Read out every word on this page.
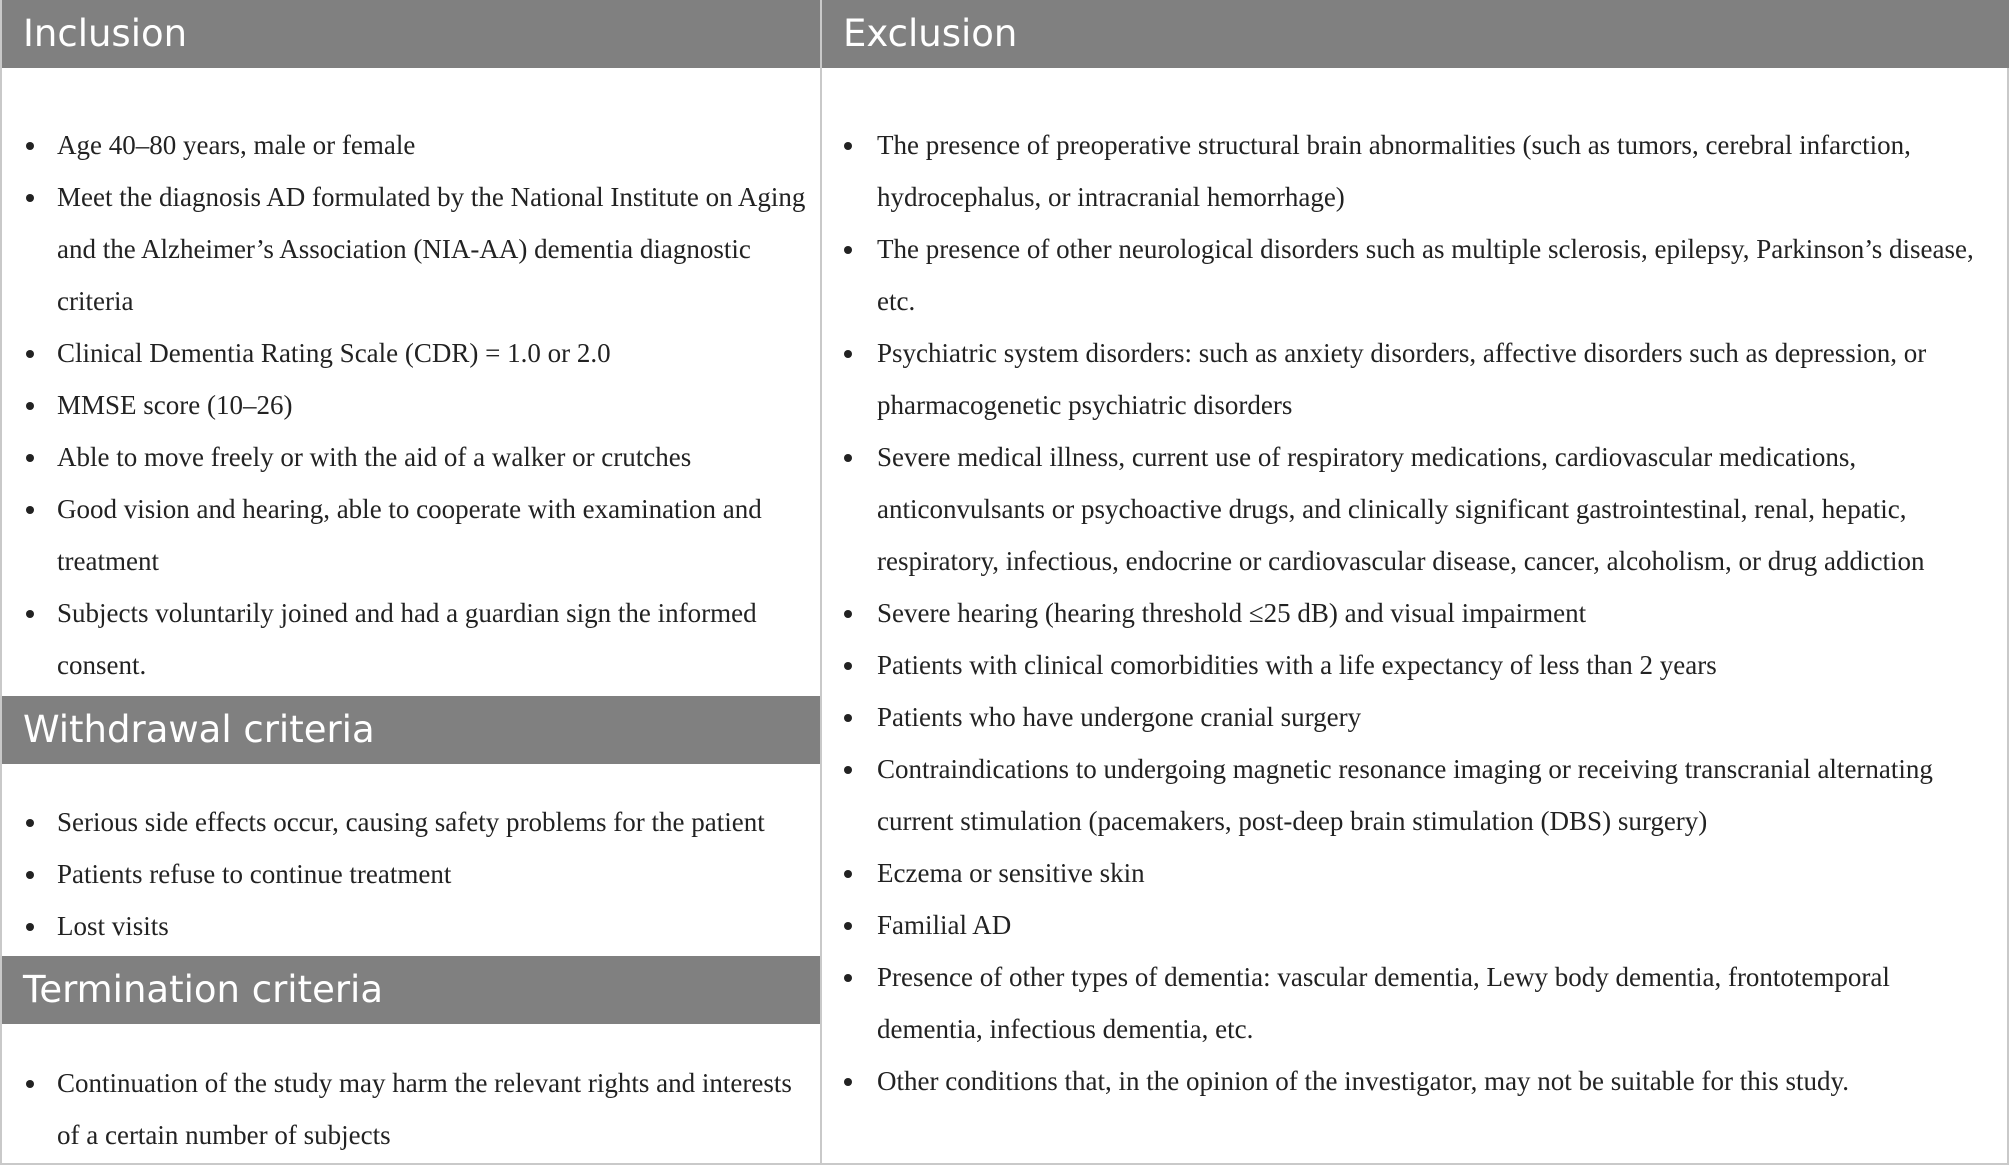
Inclusion
Age 40–80 years, male or female
Meet the diagnosis AD formulated by the National Institute on Aging and the Alzheimer’s Association (NIA-AA) dementia diagnostic criteria
Clinical Dementia Rating Scale (CDR) = 1.0 or 2.0
MMSE score (10–26)
Able to move freely or with the aid of a walker or crutches
Good vision and hearing, able to cooperate with examination and treatment
Subjects voluntarily joined and had a guardian sign the informed consent.
Withdrawal criteria
Serious side effects occur, causing safety problems for the patient
Patients refuse to continue treatment
Lost visits
Termination criteria
Continuation of the study may harm the relevant rights and interests of a certain number of subjects
Exclusion
The presence of preoperative structural brain abnormalities (such as tumors, cerebral infarction, hydrocephalus, or intracranial hemorrhage)
The presence of other neurological disorders such as multiple sclerosis, epilepsy, Parkinson’s disease, etc.
Psychiatric system disorders: such as anxiety disorders, affective disorders such as depression, or pharmacogenetic psychiatric disorders
Severe medical illness, current use of respiratory medications, cardiovascular medications, anticonvulsants or psychoactive drugs, and clinically significant gastrointestinal, renal, hepatic, respiratory, infectious, endocrine or cardiovascular disease, cancer, alcoholism, or drug addiction
Severe hearing (hearing threshold ≤25 dB) and visual impairment
Patients with clinical comorbidities with a life expectancy of less than 2 years
Patients who have undergone cranial surgery
Contraindications to undergoing magnetic resonance imaging or receiving transcranial alternating current stimulation (pacemakers, post-deep brain stimulation (DBS) surgery)
Eczema or sensitive skin
Familial AD
Presence of other types of dementia: vascular dementia, Lewy body dementia, frontotemporal dementia, infectious dementia, etc.
Other conditions that, in the opinion of the investigator, may not be suitable for this study.
